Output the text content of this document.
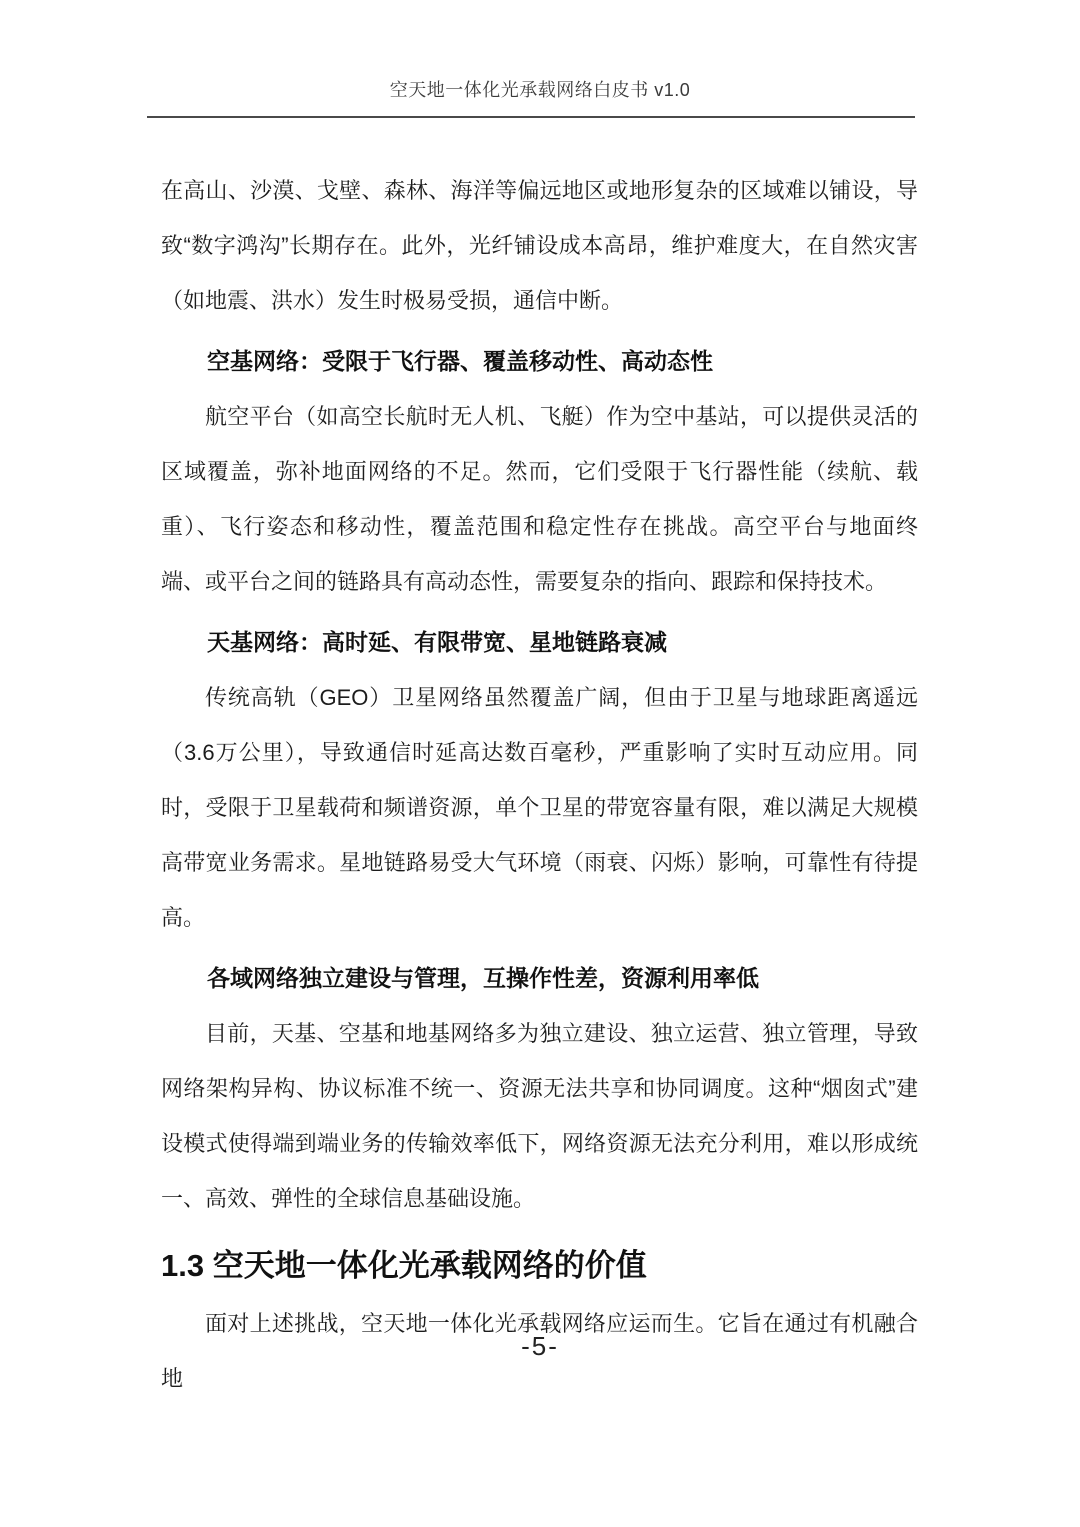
空天地一体化光承载网络白皮书 v1.0

在高山、沙漠、戈壁、森林、海洋等偏远地区或地形复杂的区域难以铺设，导致“数字鸿沟”长期存在。此外，光纤铺设成本高昂，维护难度大，在自然灾害（如地震、洪水）发生时极易受损，通信中断。

空基网络：受限于飞行器、覆盖移动性、高动态性

航空平台（如高空长航时无人机、飞艇）作为空中基站，可以提供灵活的区域覆盖，弥补地面网络的不足。然而，它们受限于飞行器性能（续航、载重）、飞行姿态和移动性，覆盖范围和稳定性存在挑战。高空平台与地面终端、或平台之间的链路具有高动态性，需要复杂的指向、跟踪和保持技术。

天基网络：高时延、有限带宽、星地链路衰减

传统高轨（GEO）卫星网络虽然覆盖广阔，但由于卫星与地球距离遥远（3.6万公里），导致通信时延高达数百毫秒，严重影响了实时互动应用。同时，受限于卫星载荷和频谱资源，单个卫星的带宽容量有限，难以满足大规模高带宽业务需求。星地链路易受大气环境（雨衰、闪烁）影响，可靠性有待提高。

各域网络独立建设与管理，互操作性差，资源利用率低

目前，天基、空基和地基网络多为独立建设、独立运营、独立管理，导致网络架构异构、协议标准不统一、资源无法共享和协同调度。这种“烟囱式”建设模式使得端到端业务的传输效率低下，网络资源无法充分利用，难以形成统一、高效、弹性的全球信息基础设施。

1.3 空天地一体化光承载网络的价值

面对上述挑战，空天地一体化光承载网络应运而生。它旨在通过有机融合地

-5-
